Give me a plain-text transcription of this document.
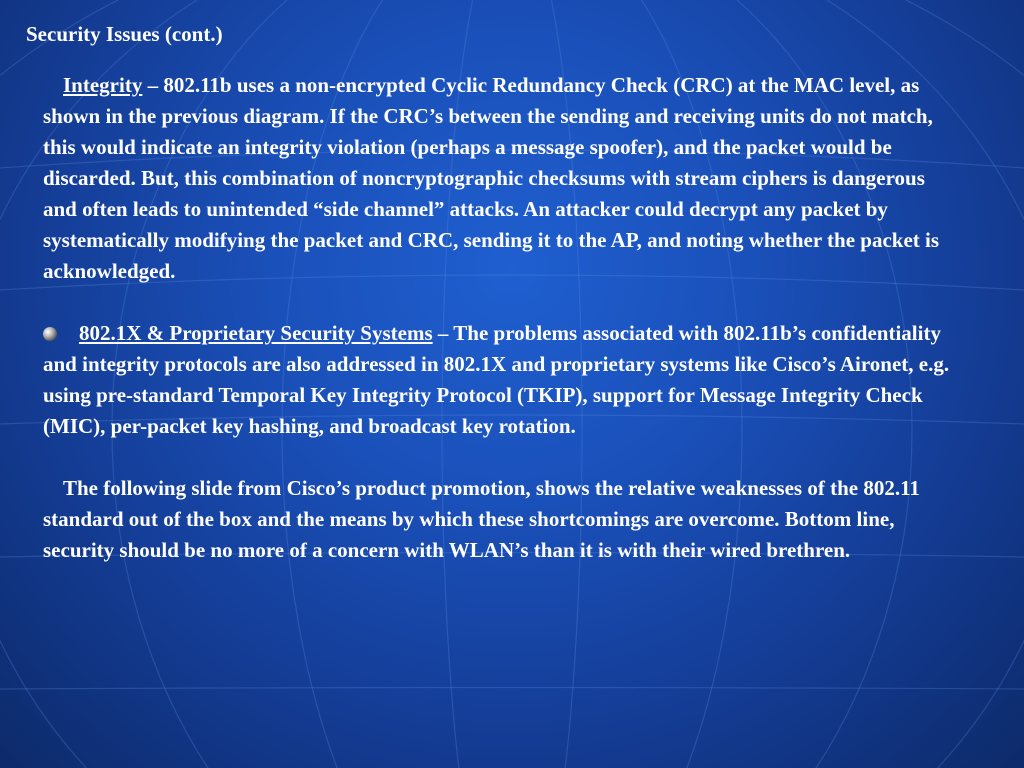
Security Issues (cont.)

Integrity – 802.11b uses a non-encrypted Cyclic Redundancy Check (CRC) at the MAC level, as shown in the previous diagram. If the CRC’s between the sending and receiving units do not match, this would indicate an integrity violation (perhaps a message spoofer), and the packet would be discarded. But, this combination of noncryptographic checksums with stream ciphers is dangerous and often leads to unintended “side channel” attacks. An attacker could decrypt any packet by systematically modifying the packet and CRC, sending it to the AP, and noting whether the packet is acknowledged.

802.1X & Proprietary Security Systems – The problems associated with 802.11b’s confidentiality and integrity protocols are also addressed in 802.1X and proprietary systems like Cisco’s Aironet, e.g. using pre-standard Temporal Key Integrity Protocol (TKIP), support for Message Integrity Check (MIC), per-packet key hashing, and broadcast key rotation.

The following slide from Cisco’s product promotion, shows the relative weaknesses of the 802.11 standard out of the box and the means by which these shortcomings are overcome. Bottom line, security should be no more of a concern with WLAN’s than it is with their wired brethren.
